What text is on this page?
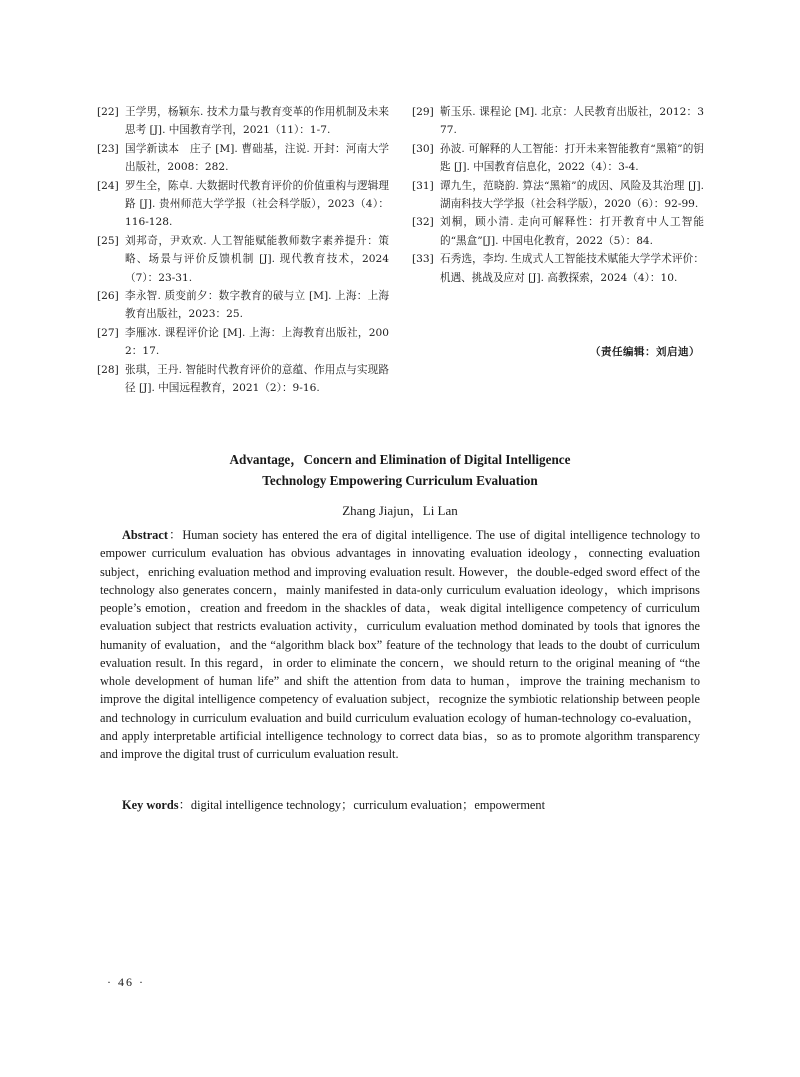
[22] 王学男，杨颖东. 技术力量与教育变革的作用机制及未来思考 [J]. 中国教育学刊，2021（11）：1-7.
[23] 国学新读本　庄子 [M]. 曹础基，注说. 开封：河南大学出版社，2008：282.
[24] 罗生全，陈卓. 大数据时代教育评价的价值重构与逻辑理路 [J]. 贵州师范大学学报（社会科学版），2023（4）：116-128.
[25] 刘邦奇，尹欢欢. 人工智能赋能教师数字素养提升：策略、场景与评价反馈机制 [J]. 现代教育技术，2024（7）：23-31.
[26] 李永智. 质变前夕：数字教育的破与立 [M]. 上海：上海教育出版社，2023：25.
[27] 李雁冰. 课程评价论 [M]. 上海：上海教育出版社，2002：17.
[28] 张琪，王丹. 智能时代教育评价的意蕴、作用点与实现路径 [J]. 中国远程教育，2021（2）：9-16.
[29] 靳玉乐. 课程论 [M]. 北京：人民教育出版社，2012：377.
[30] 孙波. 可解释的人工智能：打开未来智能教育“黑箱”的钥匙 [J]. 中国教育信息化，2022（4）：3-4.
[31] 谭九生，范晓韵. 算法“黑箱”的成因、风险及其治理 [J]. 湖南科技大学学报（社会科学版），2020（6）：92-99.
[32] 刘桐，顾小清. 走向可解释性：打开教育中人工智能的“黑盒”[J]. 中国电化教育，2022（5）：84.
[33] 石秀选，李均. 生成式人工智能技术赋能大学学术评价：机遇、挑战及应对 [J]. 高教探索，2024（4）：10.
（责任编辑：刘启迪）
Advantage，Concern and Elimination of Digital Intelligence
Technology Empowering Curriculum Evaluation
Zhang Jiajun，Li Lan

Abstract：Human society has entered the era of digital intelligence. The use of digital intelligence technology to empower curriculum evaluation has obvious advantages in innovating evaluation ideology，connecting evaluation subject，enriching evaluation method and improving evaluation result. However，the double-edged sword effect of the technology also generates concern，mainly manifested in data-only curriculum evaluation ideology，which imprisons people’s emotion，creation and freedom in the shackles of data，weak digital intelligence competency of curriculum evaluation subject that restricts evaluation activity，curriculum evaluation method dominated by tools that ignores the humanity of evaluation，and the “algorithm black box” feature of the technology that leads to the doubt of curriculum evaluation result. In this regard，in order to eliminate the concern，we should return to the original meaning of “the whole development of human life” and shift the attention from data to human，improve the training mechanism to improve the digital intelligence competency of evaluation subject，recognize the symbiotic relationship between people and technology in curriculum evaluation and build curriculum evaluation ecology of human-technology co-evaluation，and apply interpretable artificial intelligence technology to correct data bias，so as to promote algorithm transparency and improve the digital trust of curriculum evaluation result.

Key words：digital intelligence technology；curriculum evaluation；empowerment
· 46 ·
